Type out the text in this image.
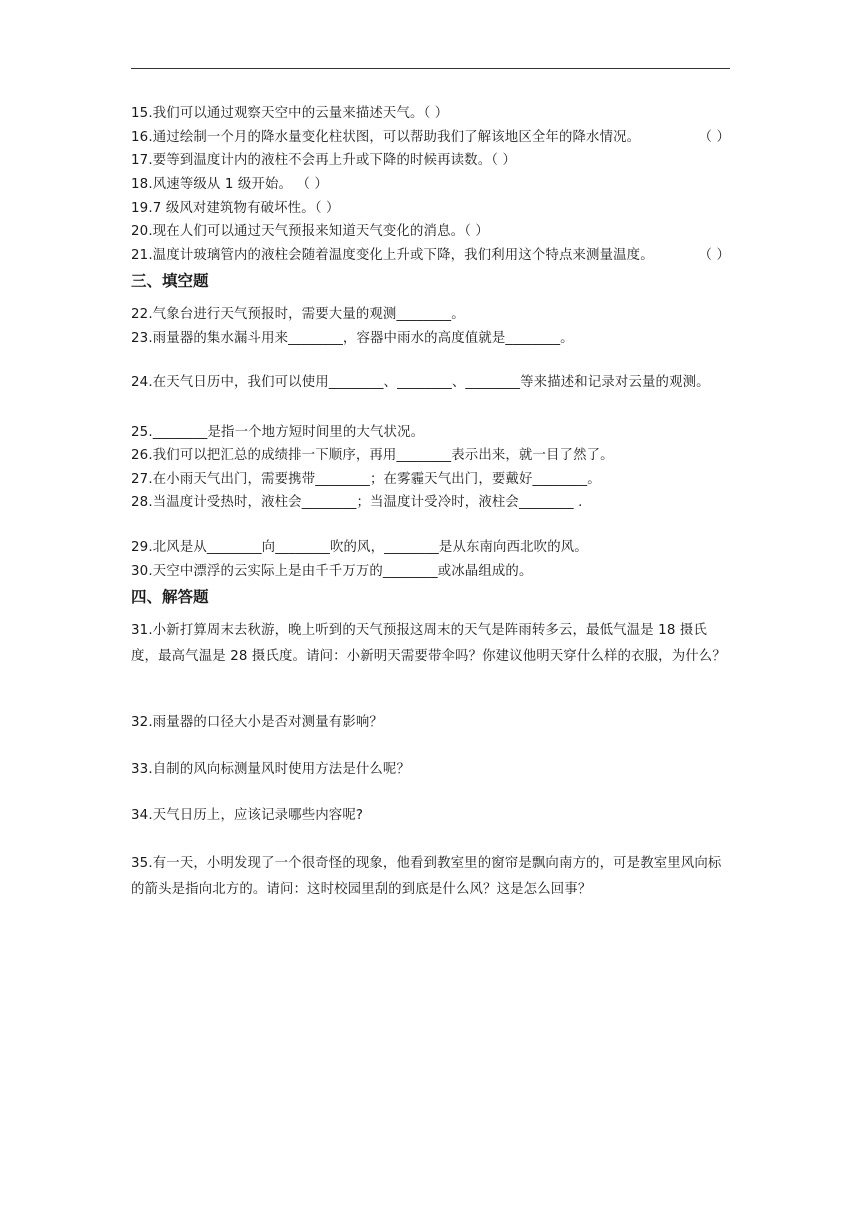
15.我们可以通过观察天空中的云量来描述天气。（ ）
16.通过绘制一个月的降水量变化柱状图，可以帮助我们了解该地区全年的降水情况。	（ ）
17.要等到温度计内的液柱不会再上升或下降的时候再读数。（ ）
18.风速等级从 1 级开始。 （ ）
19.7 级风对建筑物有破坏性。（ ）
20.现在人们可以通过天气预报来知道天气变化的消息。（ ）
21.温度计玻璃管内的液柱会随着温度变化上升或下降，我们利用这个特点来测量温度。	（ ）
三、填空题
22.气象台进行天气预报时，需要大量的观测________。
23.雨量器的集水漏斗用来________，容器中雨水的高度值就是________。
24.在天气日历中，我们可以使用________、________、________等来描述和记录对云量的观测。
25.________是指一个地方短时间里的大气状况。
26.我们可以把汇总的成绩排一下顺序，再用________表示出来，就一目了然了。
27.在小雨天气出门，需要携带________；在雾霾天气出门，要戴好________。
28.当温度计受热时，液柱会________；当温度计受冷时，液柱会________ .
29.北风是从________向________吹的风，________是从东南向西北吹的风。
30.天空中漂浮的云实际上是由千千万万的________或冰晶组成的。
四、解答题
31.小新打算周末去秋游，晚上听到的天气预报这周末的天气是阵雨转多云，最低气温是 18 摄氏度，最高气温是 28 摄氏度。请问：小新明天需要带伞吗？你建议他明天穿什么样的衣服，为什么？
32.雨量器的口径大小是否对测量有影响？
33.自制的风向标测量风时使用方法是什么呢？
34.天气日历上，应该记录哪些内容呢?
35.有一天，小明发现了一个很奇怪的现象，他看到教室里的窗帘是飘向南方的，可是教室里风向标的箭头是指向北方的。请问：这时校园里刮的到底是什么风？这是怎么回事？
